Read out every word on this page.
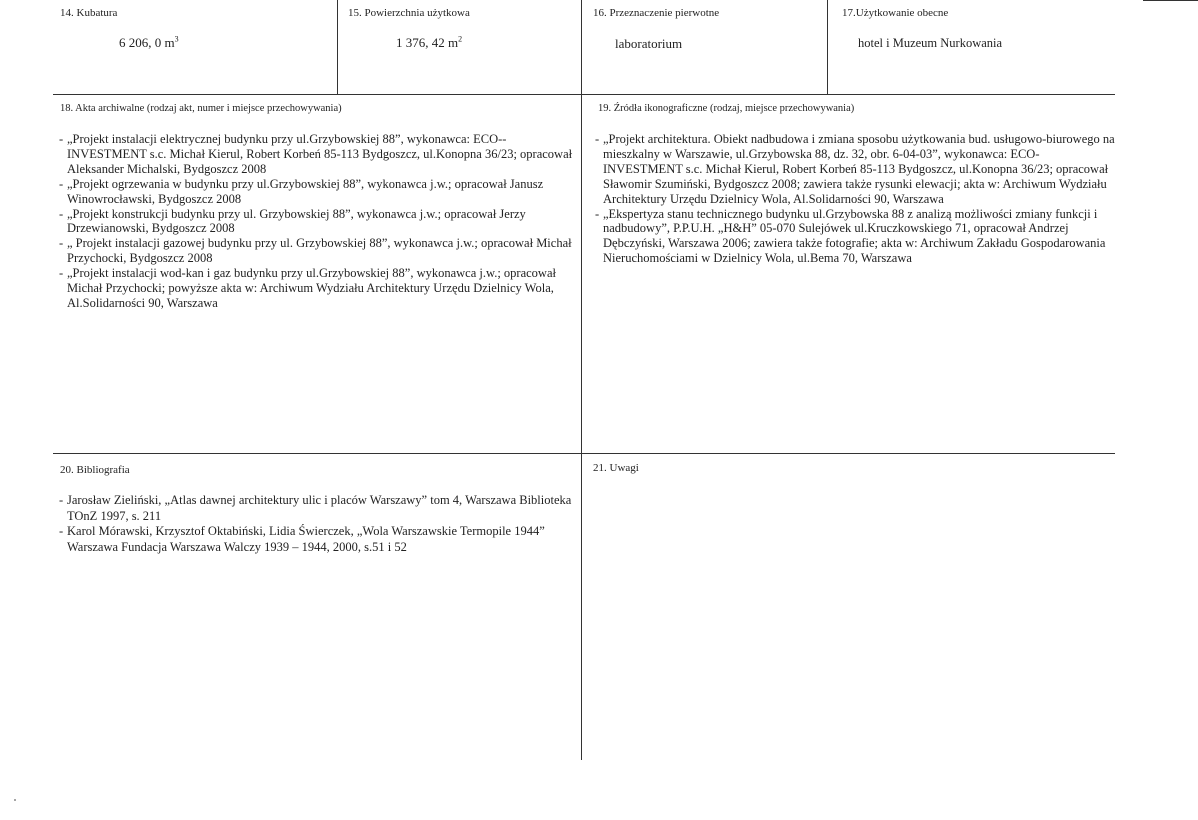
14. Kubatura
6 206, 0 $m^3$
15. Powierzchnia użytkowa
1 376, 42 $m^2$
16. Przeznaczenie pierwotne
laboratorium
17.Użytkowanie obecne
hotel i Muzeum Nurkowania
18. Akta archiwalne (rodzaj akt, numer i miejsce przechowywania)
- „Projekt instalacji elektrycznej budynku przy ul.Grzybowskiej 88”, wykonawca: ECO--INVESTMENT s.c. Michał Kierul, Robert Korbeń 85-113 Bydgoszcz, ul.Konopna 36/23; opracował Aleksander Michalski, Bydgoszcz 2008
- „Projekt ogrzewania w budynku przy ul.Grzybowskiej 88”, wykonawca j.w.; opracował Janusz Winowrocławski, Bydgoszcz 2008
- „Projekt konstrukcji budynku przy ul. Grzybowskiej 88”, wykonawca j.w.; opracował Jerzy Drzewianowski, Bydgoszcz 2008
- „ Projekt instalacji gazowej budynku przy ul. Grzybowskiej 88”, wykonawca j.w.; opracował Michał Przychocki, Bydgoszcz 2008
- „Projekt instalacji wod-kan i gaz budynku przy ul.Grzybowskiej 88”, wykonawca j.w.; opracował Michał Przychocki; powyższe akta w: Archiwum Wydziału Architektury Urzędu Dzielnicy Wola, Al.Solidarności 90, Warszawa
19. Źródła ikonograficzne (rodzaj, miejsce przechowywania)
- „Projekt architektura. Obiekt nadbudowa i zmiana sposobu użytkowania bud. usługowo-biurowego na mieszkalny w Warszawie, ul.Grzybowska 88, dz. 32, obr. 6-04-03”, wykonawca: ECO-INVESTMENT s.c. Michał Kierul, Robert Korbeń 85-113 Bydgoszcz, ul.Konopna 36/23; opracował Sławomir Szumiński, Bydgoszcz 2008; zawiera także rysunki elewacji; akta w: Archiwum Wydziału Architektury Urzędu Dzielnicy Wola, Al.Solidarności 90, Warszawa
- „Ekspertyza stanu technicznego budynku ul.Grzybowska 88 z analizą możliwości zmiany funkcji i nadbudowy”, P.P.U.H. „H&H” 05-070 Sulejówek ul.Kruczkowskiego 71, opracował Andrzej Dębczyński, Warszawa 2006; zawiera także fotografie; akta w: Archiwum Zakładu Gospodarowania Nieruchomościami w Dzielnicy Wola, ul.Bema 70, Warszawa
20. Bibliografia
- Jarosław Zieliński, „Atlas dawnej architektury ulic i placów Warszawy” tom 4, Warszawa Biblioteka TOnZ 1997, s. 211
- Karol Mórawski, Krzysztof Oktabiński, Lidia Świerczek, „Wola Warszawskie Termopile 1944” Warszawa Fundacja Warszawa Walczy 1939 – 1944, 2000, s.51 i 52
21. Uwagi
